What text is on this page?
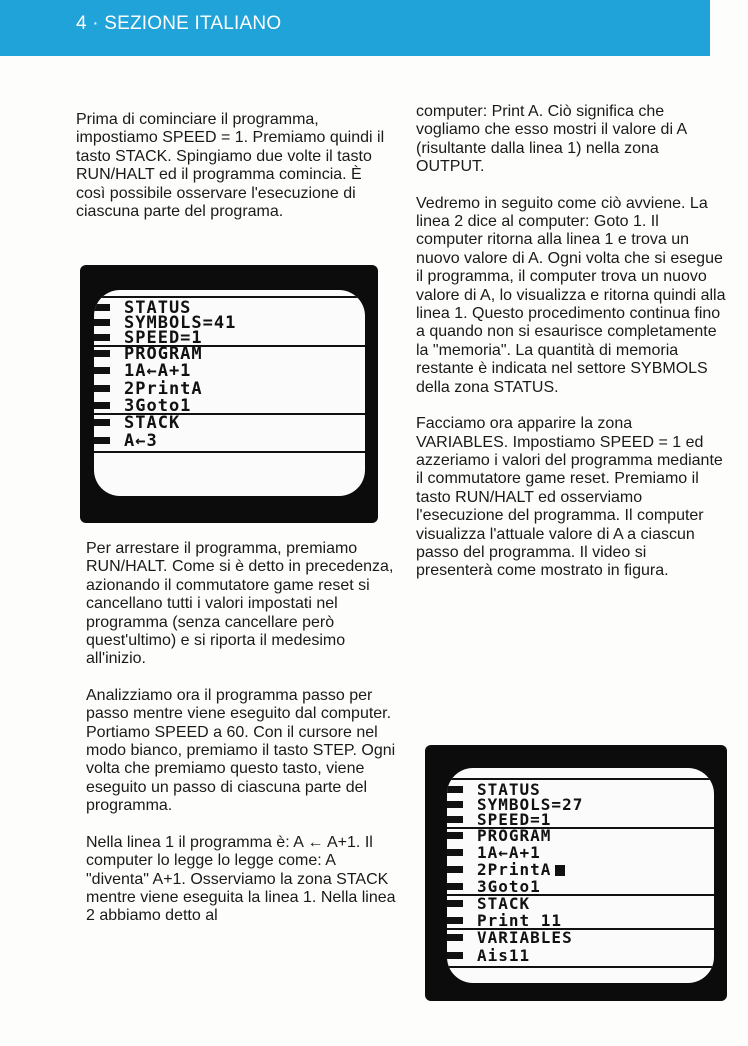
4 · SEZIONE ITALIANO

Prima di cominciare il programma, impostiamo SPEED = 1. Premiamo quindi il tasto STACK. Spingiamo due volte il tasto RUN/HALT ed il programma comincia. È così possibile osservare l'esecuzione di ciascuna parte del programa.

STATUS
SYMBOLS=41
SPEED=1
PROGRAM
1A←A+1
2PrintA
3Goto1
STACK
A←3

Per arrestare il programma, premiamo RUN/HALT. Come si è detto in precedenza, azionando il commutatore game reset si cancellano tutti i valori impostati nel programma (senza cancellare però quest'ultimo) e si riporta il medesimo all'inizio.

Analizziamo ora il programma passo per passo mentre viene eseguito dal computer. Portiamo SPEED a 60. Con il cursore nel modo bianco, premiamo il tasto STEP. Ogni volta che premiamo questo tasto, viene eseguito un passo di ciascuna parte del programma.

Nella linea 1 il programma è: A ← A+1. Il computer lo legge lo legge come: A "diventa" A+1. Osserviamo la zona STACK mentre viene eseguita la linea 1. Nella linea 2 abbiamo detto al

computer: Print A. Ciò significa che vogliamo che esso mostri il valore di A (risultante dalla linea 1) nella zona OUTPUT.

Vedremo in seguito come ciò avviene. La linea 2 dice al computer: Goto 1. Il computer ritorna alla linea 1 e trova un nuovo valore di A. Ogni volta che si esegue il programma, il computer trova un nuovo valore di A, lo visualizza e ritorna quindi alla linea 1. Questo procedimento continua fino a quando non si esaurisce completamente la "memoria". La quantità di memoria restante è indicata nel settore SYBMOLS della zona STATUS.

Facciamo ora apparire la zona VARIABLES. Impostiamo SPEED = 1 ed azzeriamo i valori del programma mediante il commutatore game reset. Premiamo il tasto RUN/HALT ed osserviamo l'esecuzione del programma. Il computer visualizza l'attuale valore di A a ciascun passo del programma. Il video si presenterà come mostrato in figura.

STATUS
SYMBOLS=27
SPEED=1
PROGRAM
1A←A+1
2PrintA
3Goto1
STACK
Print 11
VARIABLES
Ais11
